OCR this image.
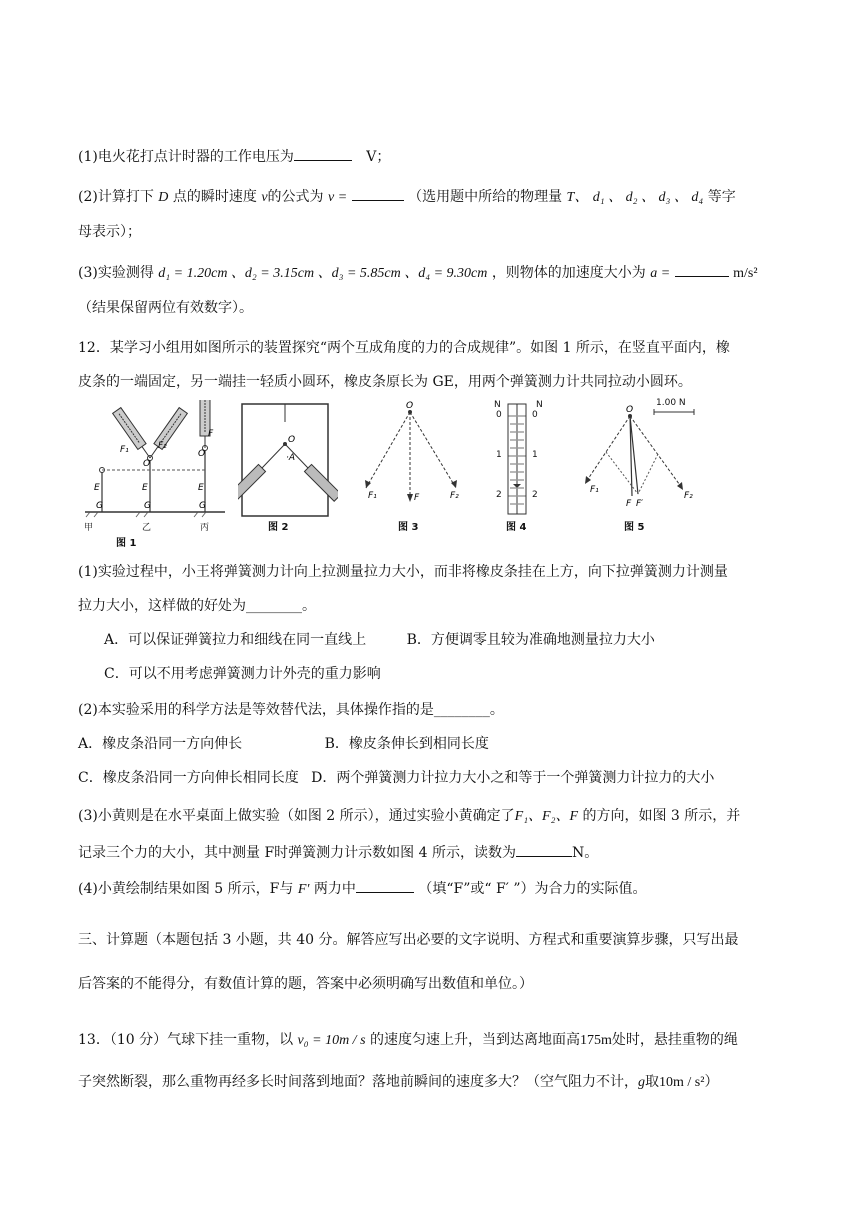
(1)电火花打点计时器的工作电压为	V；
(2)计算打下 D 点的瞬时速度 v的公式为 v =	（选用题中所给的物理量 T、 d₁ 、 d₂ 、 d₃ 、 d₄ 等字
母表示）；
(3)实验测得 d₁ = 1.20cm 、d₂ = 3.15cm 、d₃ = 5.85cm 、d₄ = 9.30cm ，则物体的加速度大小为 a =	m/s²
（结果保留两位有效数字）。
12．某学习小组用如图所示的装置探究“两个互成角度的力的合成规律”。如图 1 所示，在竖直平面内，橡
皮条的一端固定，另一端挂一轻质小圆环，橡皮条原长为 GE，用两个弹簧测力计共同拉动小圆环。
O
O
F₁	F₂
F
E	E	E
G	G	G
甲	乙	丙
图 1
O
·A
图 2
O
F₁	F₂
F
图 3
N	N
0	0
1	1
2	2
图 4
O
F₁
F₂
F F′
1.00 N
图 5
(1)实验过程中，小王将弹簧测力计向上拉测量拉力大小，而非将橡皮条挂在上方，向下拉弹簧测力计测量
拉力大小，这样做的好处为________。
A．可以保证弹簧拉力和细线在同一直线上	B．方便调零且较为准确地测量拉力大小
C．可以不用考虑弹簧测力计外壳的重力影响
(2)本实验采用的科学方法是等效替代法，具体操作指的是________。
A．橡皮条沿同一方向伸长	B．橡皮条伸长到相同长度
C．橡皮条沿同一方向伸长相同长度 D．两个弹簧测力计拉力大小之和等于一个弹簧测力计拉力的大小
(3)小黄则是在水平桌面上做实验（如图 2 所示），通过实验小黄确定了F₁、F₂、F 的方向，如图 3 所示，并
记录三个力的大小，其中测量 F时弹簧测力计示数如图 4 所示，读数为	N。
(4)小黄绘制结果如图 5 所示，F与 F′ 两力中	（填“F”或“ F′ ”）为合力的实际值。
三、计算题（本题包括 3 小题，共 40 分。解答应写出必要的文字说明、方程式和重要演算步骤，只写出最
后答案的不能得分，有数值计算的题，答案中必须明确写出数值和单位。）
13．（10 分）气球下挂一重物，以 v₀ = 10m / s 的速度匀速上升，当到达离地面高175m处时，悬挂重物的绳
子突然断裂，那么重物再经多长时间落到地面？落地前瞬间的速度多大？（空气阻力不计，g取10m / s²）
